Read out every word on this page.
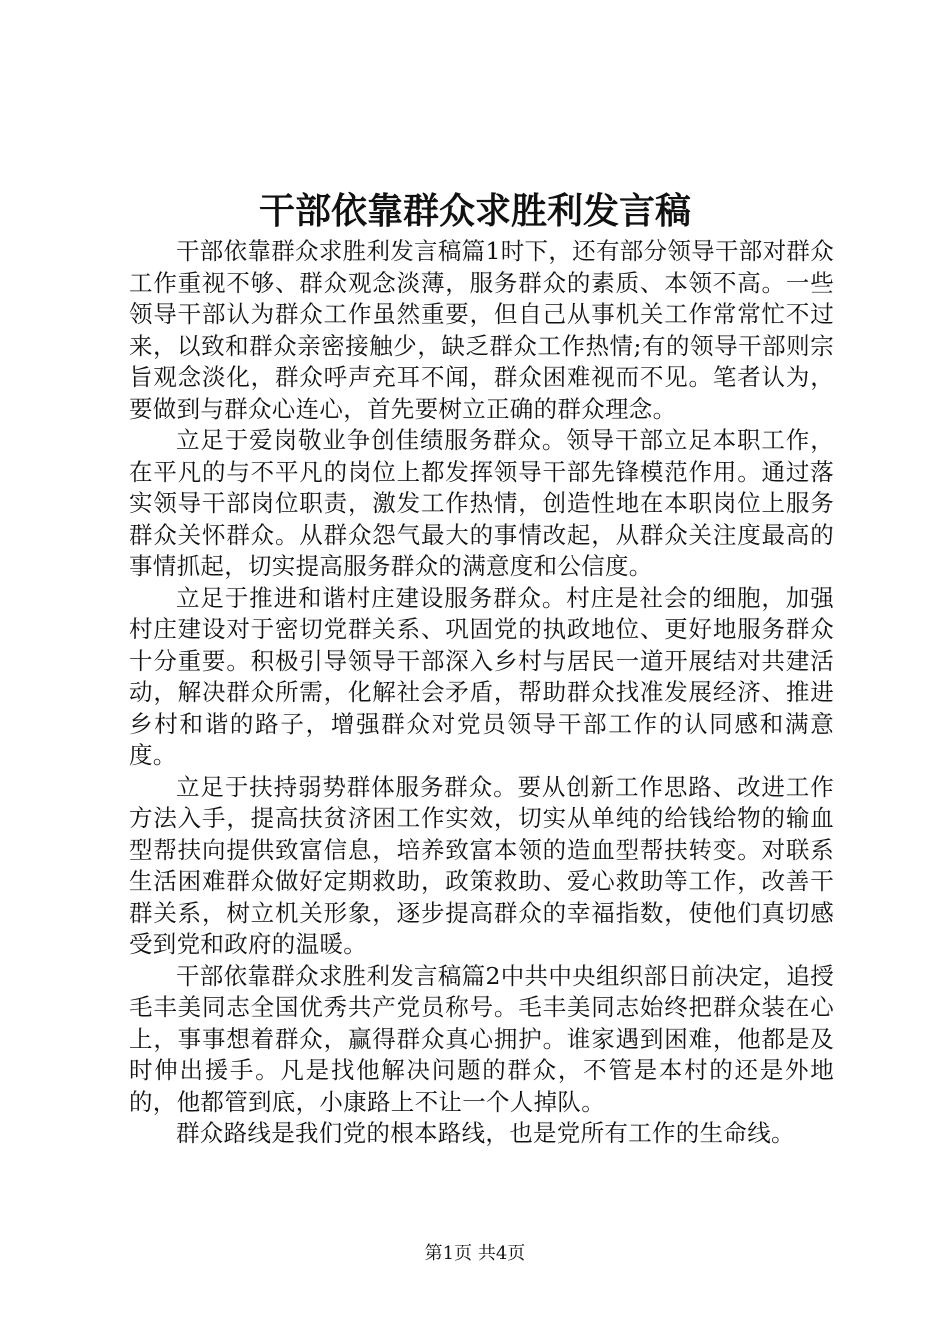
干部依靠群众求胜利发言稿

干部依靠群众求胜利发言稿篇1时下，还有部分领导干部对群众工作重视不够、群众观念淡薄，服务群众的素质、本领不高。一些领导干部认为群众工作虽然重要，但自己从事机关工作常常忙不过来，以致和群众亲密接触少，缺乏群众工作热情;有的领导干部则宗旨观念淡化，群众呼声充耳不闻，群众困难视而不见。笔者认为，要做到与群众心连心，首先要树立正确的群众理念。

立足于爱岗敬业争创佳绩服务群众。领导干部立足本职工作，在平凡的与不平凡的岗位上都发挥领导干部先锋模范作用。通过落实领导干部岗位职责，激发工作热情，创造性地在本职岗位上服务群众关怀群众。从群众怨气最大的事情改起，从群众关注度最高的事情抓起，切实提高服务群众的满意度和公信度。

立足于推进和谐村庄建设服务群众。村庄是社会的细胞，加强村庄建设对于密切党群关系、巩固党的执政地位、更好地服务群众十分重要。积极引导领导干部深入乡村与居民一道开展结对共建活动，解决群众所需，化解社会矛盾，帮助群众找准发展经济、推进乡村和谐的路子，增强群众对党员领导干部工作的认同感和满意度。

立足于扶持弱势群体服务群众。要从创新工作思路、改进工作方法入手，提高扶贫济困工作实效，切实从单纯的给钱给物的输血型帮扶向提供致富信息，培养致富本领的造血型帮扶转变。对联系生活困难群众做好定期救助，政策救助、爱心救助等工作，改善干群关系，树立机关形象，逐步提高群众的幸福指数，使他们真切感受到党和政府的温暖。

干部依靠群众求胜利发言稿篇2中共中央组织部日前决定，追授毛丰美同志全国优秀共产党员称号。毛丰美同志始终把群众装在心上，事事想着群众，赢得群众真心拥护。谁家遇到困难，他都是及时伸出援手。凡是找他解决问题的群众，不管是本村的还是外地的，他都管到底，小康路上不让一个人掉队。

群众路线是我们党的根本路线，也是党所有工作的生命线。

第1页 共4页
